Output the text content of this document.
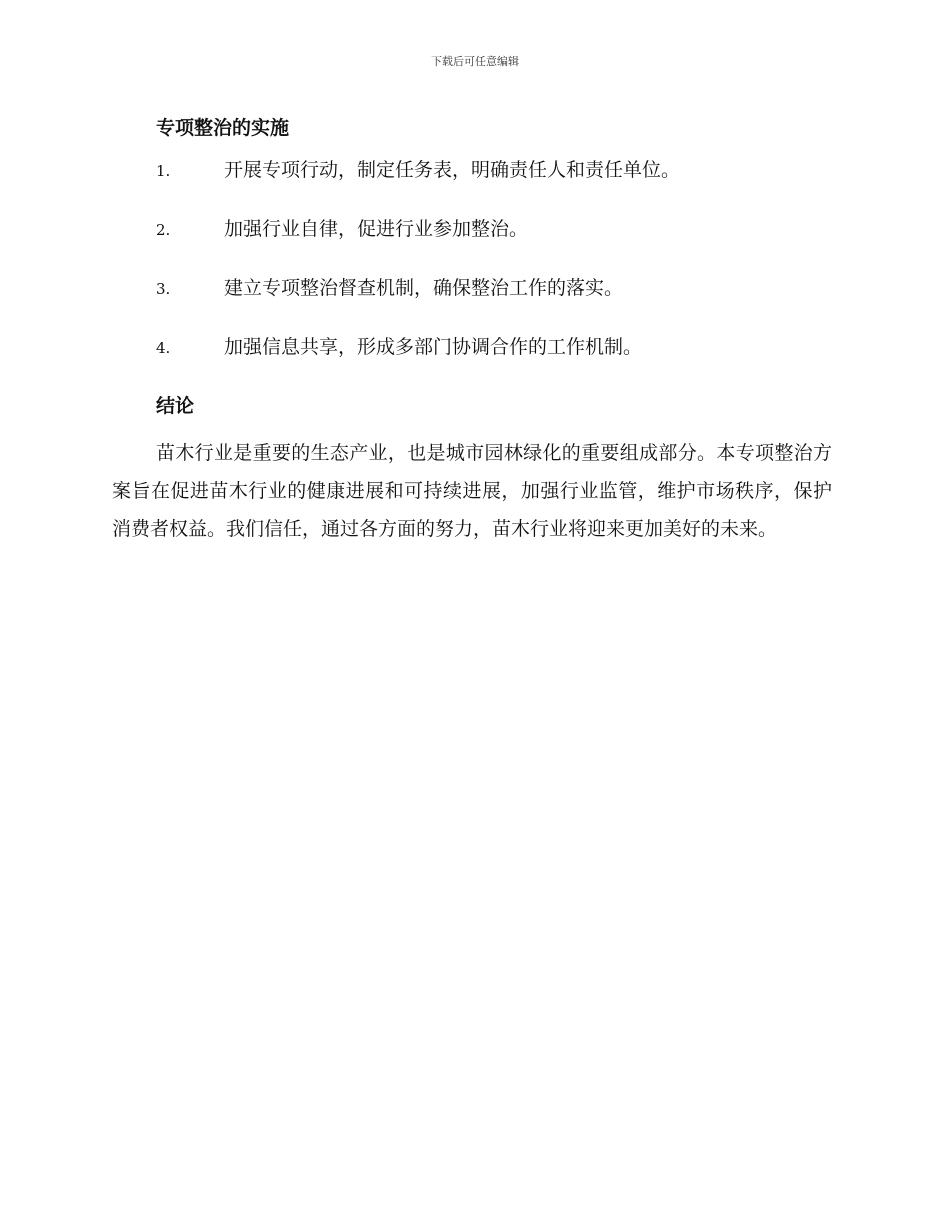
下载后可任意编辑
专项整治的实施
1.	开展专项行动，制定任务表，明确责任人和责任单位。
2.	加强行业自律，促进行业参加整治。
3.	建立专项整治督查机制，确保整治工作的落实。
4.	加强信息共享，形成多部门协调合作的工作机制。
结论

苗木行业是重要的生态产业，也是城市园林绿化的重要组成部分。本专项整治方案旨在促进苗木行业的健康进展和可持续进展，加强行业监管，维护市场秩序，保护消费者权益。我们信任，通过各方面的努力，苗木行业将迎来更加美好的未来。
